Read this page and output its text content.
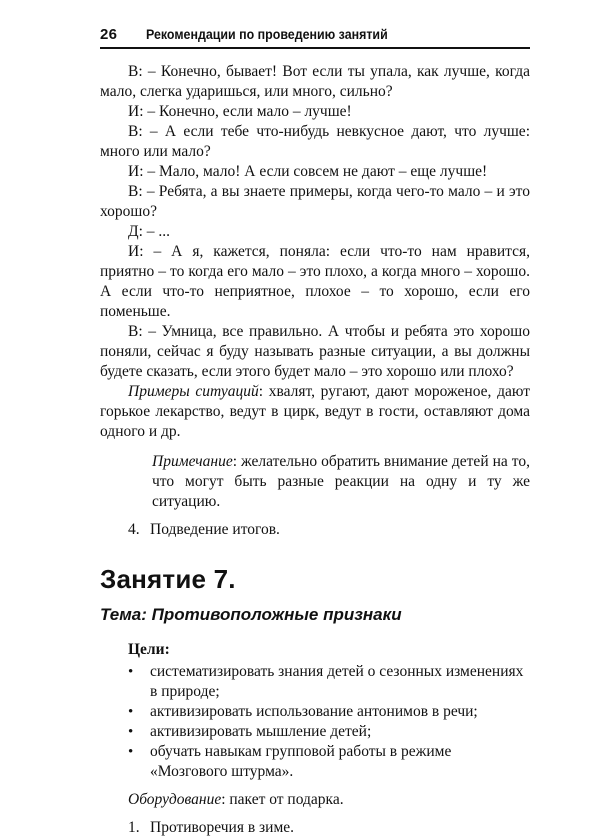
26 Рекомендации по проведению занятий

В: – Конечно, бывает! Вот если ты упала, как лучше, когда мало, слегка ударишься, или много, сильно?

И: – Конечно, если мало – лучше!

В: – А если тебе что-нибудь невкусное дают, что лучше: много или мало?

И: – Мало, мало! А если совсем не дают – еще лучше!

В: – Ребята, а вы знаете примеры, когда чего-то мало – и это хорошо?

Д: – ...

И: – А я, кажется, поняла: если что-то нам нравится, приятно – то когда его мало – это плохо, а когда много – хорошо. А если что-то неприятное, плохое – то хорошо, если его поменьше.

В: – Умница, все правильно. А чтобы и ребята это хорошо поняли, сейчас я буду называть разные ситуации, а вы должны будете сказать, если этого будет мало – это хорошо или плохо?

Примеры ситуаций: хвалят, ругают, дают мороженое, дают горькое лекарство, ведут в цирк, ведут в гости, оставляют дома одного и др.

Примечание: желательно обратить внимание детей на то, что могут быть разные реакции на одну и ту же ситуацию.

4. Подведение итогов.
Занятие 7.
Тема: Противоположные признаки
Цели:
•	систематизировать знания детей о сезонных изменениях в природе;
•	активизировать использование антонимов в речи;
•	активизировать мышление детей;
•	обучать навыкам групповой работы в режиме «Мозгового штурма».

Оборудование: пакет от подарка.

1. Противоречия в зиме.
